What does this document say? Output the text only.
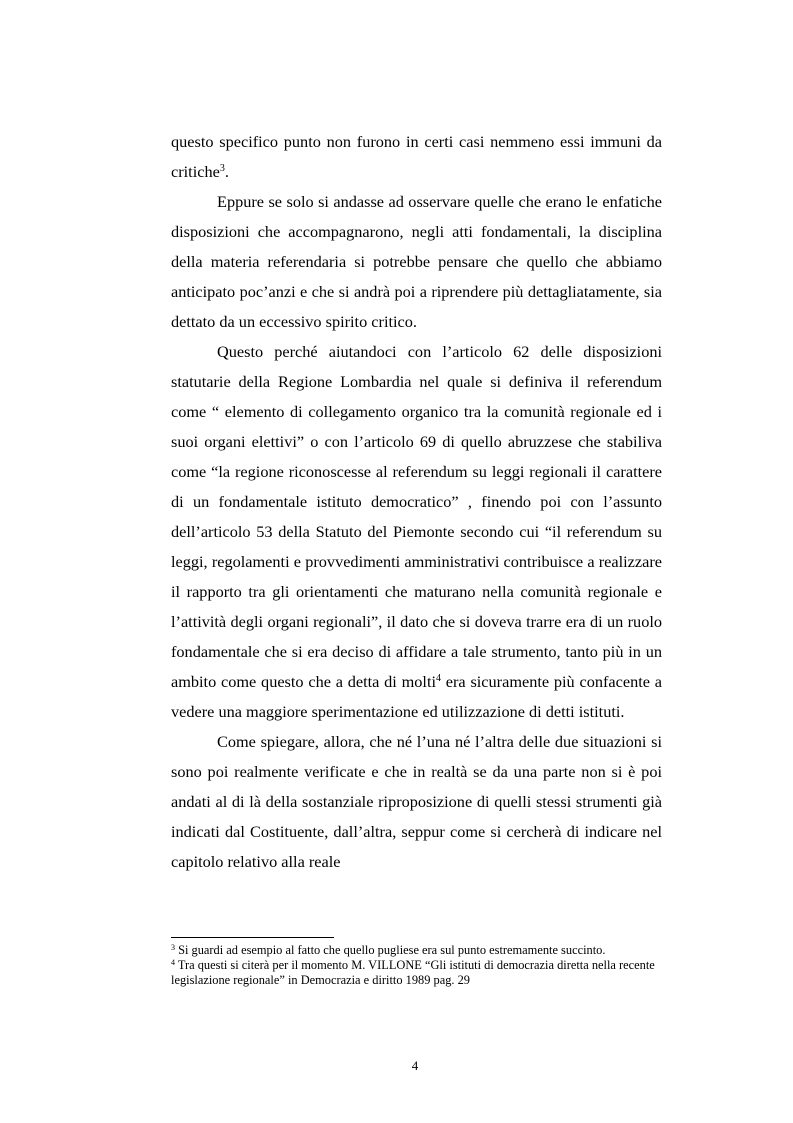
questo specifico punto non furono in certi casi nemmeno essi immuni da critiche$^3$.

Eppure se solo si andasse ad osservare quelle che erano le enfatiche disposizioni che accompagnarono, negli atti fondamentali, la disciplina della materia referendaria si potrebbe pensare che quello che abbiamo anticipato poc’anzi e che si andrà poi a riprendere più dettagliatamente, sia dettato da un eccessivo spirito critico.

Questo perché aiutandoci con l’articolo 62 delle disposizioni statutarie della Regione Lombardia nel quale si definiva il referendum come “ elemento di collegamento organico tra la comunità regionale ed i suoi organi elettivi” o con l’articolo 69 di quello abruzzese che stabiliva come “la regione riconoscesse al referendum su leggi regionali il carattere di un fondamentale istituto democratico” , finendo poi con l’assunto dell’articolo 53 della Statuto del Piemonte secondo cui “il referendum su leggi, regolamenti e provvedimenti amministrativi contribuisce a realizzare il rapporto tra gli orientamenti che maturano nella comunità regionale e l’attività degli organi regionali”, il dato che si doveva trarre era di un ruolo fondamentale che si era deciso di affidare a tale strumento, tanto più in un ambito come questo che a detta di molti$^4$ era sicuramente più confacente a vedere una maggiore sperimentazione ed utilizzazione di detti istituti.

Come spiegare, allora, che né l’una né l’altra delle due situazioni si sono poi realmente verificate e che in realtà se da una parte non si è poi andati al di là della sostanziale riproposizione di quelli stessi strumenti già indicati dal Costituente, dall’altra, seppur come si cercherà di indicare nel capitolo relativo alla reale

$^3$ Si guardi ad esempio al fatto che quello pugliese era sul punto estremamente succinto.

$^4$ Tra questi si citerà per il momento M. VILLONE “Gli istituti di democrazia diretta nella recente legislazione regionale” in Democrazia e diritto 1989 pag. 29

4
